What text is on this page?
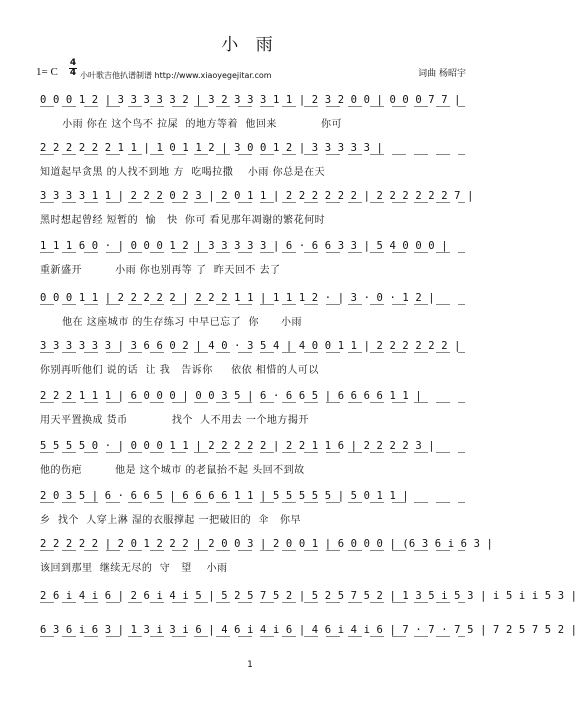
小 雨
1= C
4
4 小叶歌吉他扒谱制谱 http://www.xiaoyegejitar.com	词曲 杨昭宇
0 0 0 1 2 | 3 3 3 3 3 2 | 3 2 3 3 3 1 1 | 2 3 2 0 0 | 0 0 0 7 7 |
小雨 你在 这个鸟不 拉屎  的地方等着  他回来            你可
2 2 2 2 2 2 1 1 | 1 0 1 1 2 | 3 0 0 1 2 | 3 3 3 3 3 |
知道起早贪黑 的人找不到地 方  吃喝拉撒    小雨 你总是在天
3 3 3 3 1 1 | 2 2 2 0 2 3 | 2 0 1 1 | 2 2 2 2 2 2 | 2 2 2 2 2 2 7 |
黑时想起曾经 短暂的  愉   快  你可 看见那年凋谢的繁花何时
1 1 1 6 0 · | 0 0 0 1 2 | 3 3 3 3 3 | 6 · 6 6 3 3 | 5 4 0 0 0 |
重新盛开         小雨 你也别再等 了  昨天回不 去了
0 0 0 1 1 | 2 2 2 2 2 | 2 2 2 1 1 | 1 1 1 2 · | 3 · 0 · 1 2 |
他在 这座城市 的生存练习 中早已忘了  你      小雨
3 3 3 3 3 3 | 3 6 6 0 2 | 4 0 · 3 5 4 | 4 0 0 1 1 | 2 2 2 2 2 2 |
你别再听他们 说的话  让 我   告诉你     依依 相惜的人可以
2 2 2 1 1 1 | 6 0 0 0 | 0 0 3 5 | 6 · 6 6 5 | 6 6 6 6 1 1 |
用天平置换成 货币            找个  人不用去 一个地方揭开
5 5 5 5 0 · | 0 0 0 1 1 | 2 2 2 2 2 | 2 2 1 1 6 | 2 2 2 2 3 |
他的伤疤         他是 这个城市 的老鼠抬不起 头回不到故
2 0 3 5 | 6 · 6 6 5 | 6 6 6 6 1 1 | 5 5 5 5 5 | 5 0 1 1 |
乡  找个  人穿上淋 湿的衣服撑起 一把破旧的  伞   你早
2 2 2 2 2 | 2 0 1 2 2 2 | 2 0 0 3 | 2 0 0 1 | 6 0 0 0 | (6 3 6 i 6 3 |
该回到那里  继续无尽的  守   望    小雨
2 6 i 4 i 6 | 2 6 i 4 i 5 | 5 2 5 7 5 2 | 5 2 5 7 5 2 | 1 3 5 i 5 3 | i 5 i i 5 3 |
6 3 6 i 6 3 | 1 3 i 3 i 6 | 4 6 i 4 i 6 | 4 6 i 4 i 6 | 7 · 7 · 7 5 | 7 2 5 7 5 2 |
1
